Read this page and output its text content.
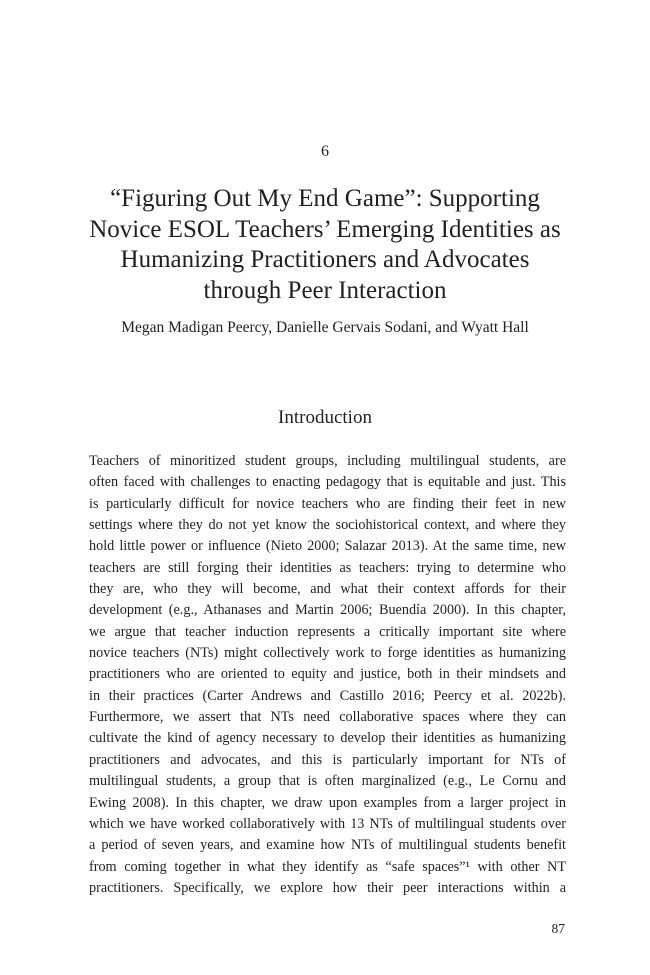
6
“Figuring Out My End Game”: Supporting
Novice ESOL Teachers’ Emerging Identities as
Humanizing Practitioners and Advocates
through Peer Interaction
Megan Madigan Peercy, Danielle Gervais Sodani, and Wyatt Hall
Introduction
Teachers of minoritized student groups, including multilingual students, are
often faced with challenges to enacting pedagogy that is equitable and just. This
is particularly difficult for novice teachers who are finding their feet in new
settings where they do not yet know the sociohistorical context, and where they
hold little power or influence (Nieto 2000; Salazar 2013). At the same time, new
teachers are still forging their identities as teachers: trying to determine who
they are, who they will become, and what their context affords for their
development (e.g., Athanases and Martin 2006; Buendía 2000). In this chapter,
we argue that teacher induction represents a critically important site where
novice teachers (NTs) might collectively work to forge identities as humanizing
practitioners who are oriented to equity and justice, both in their mindsets and
in their practices (Carter Andrews and Castillo 2016; Peercy et al. 2022b).
Furthermore, we assert that NTs need collaborative spaces where they can
cultivate the kind of agency necessary to develop their identities as humanizing
practitioners and advocates, and this is particularly important for NTs of
multilingual students, a group that is often marginalized (e.g., Le Cornu and
Ewing 2008). In this chapter, we draw upon examples from a larger project in
which we have worked collaboratively with 13 NTs of multilingual students over
a period of seven years, and examine how NTs of multilingual students benefit
from coming together in what they identify as “safe spaces”¹ with other NT
practitioners. Specifically, we explore how their peer interactions within a
87
